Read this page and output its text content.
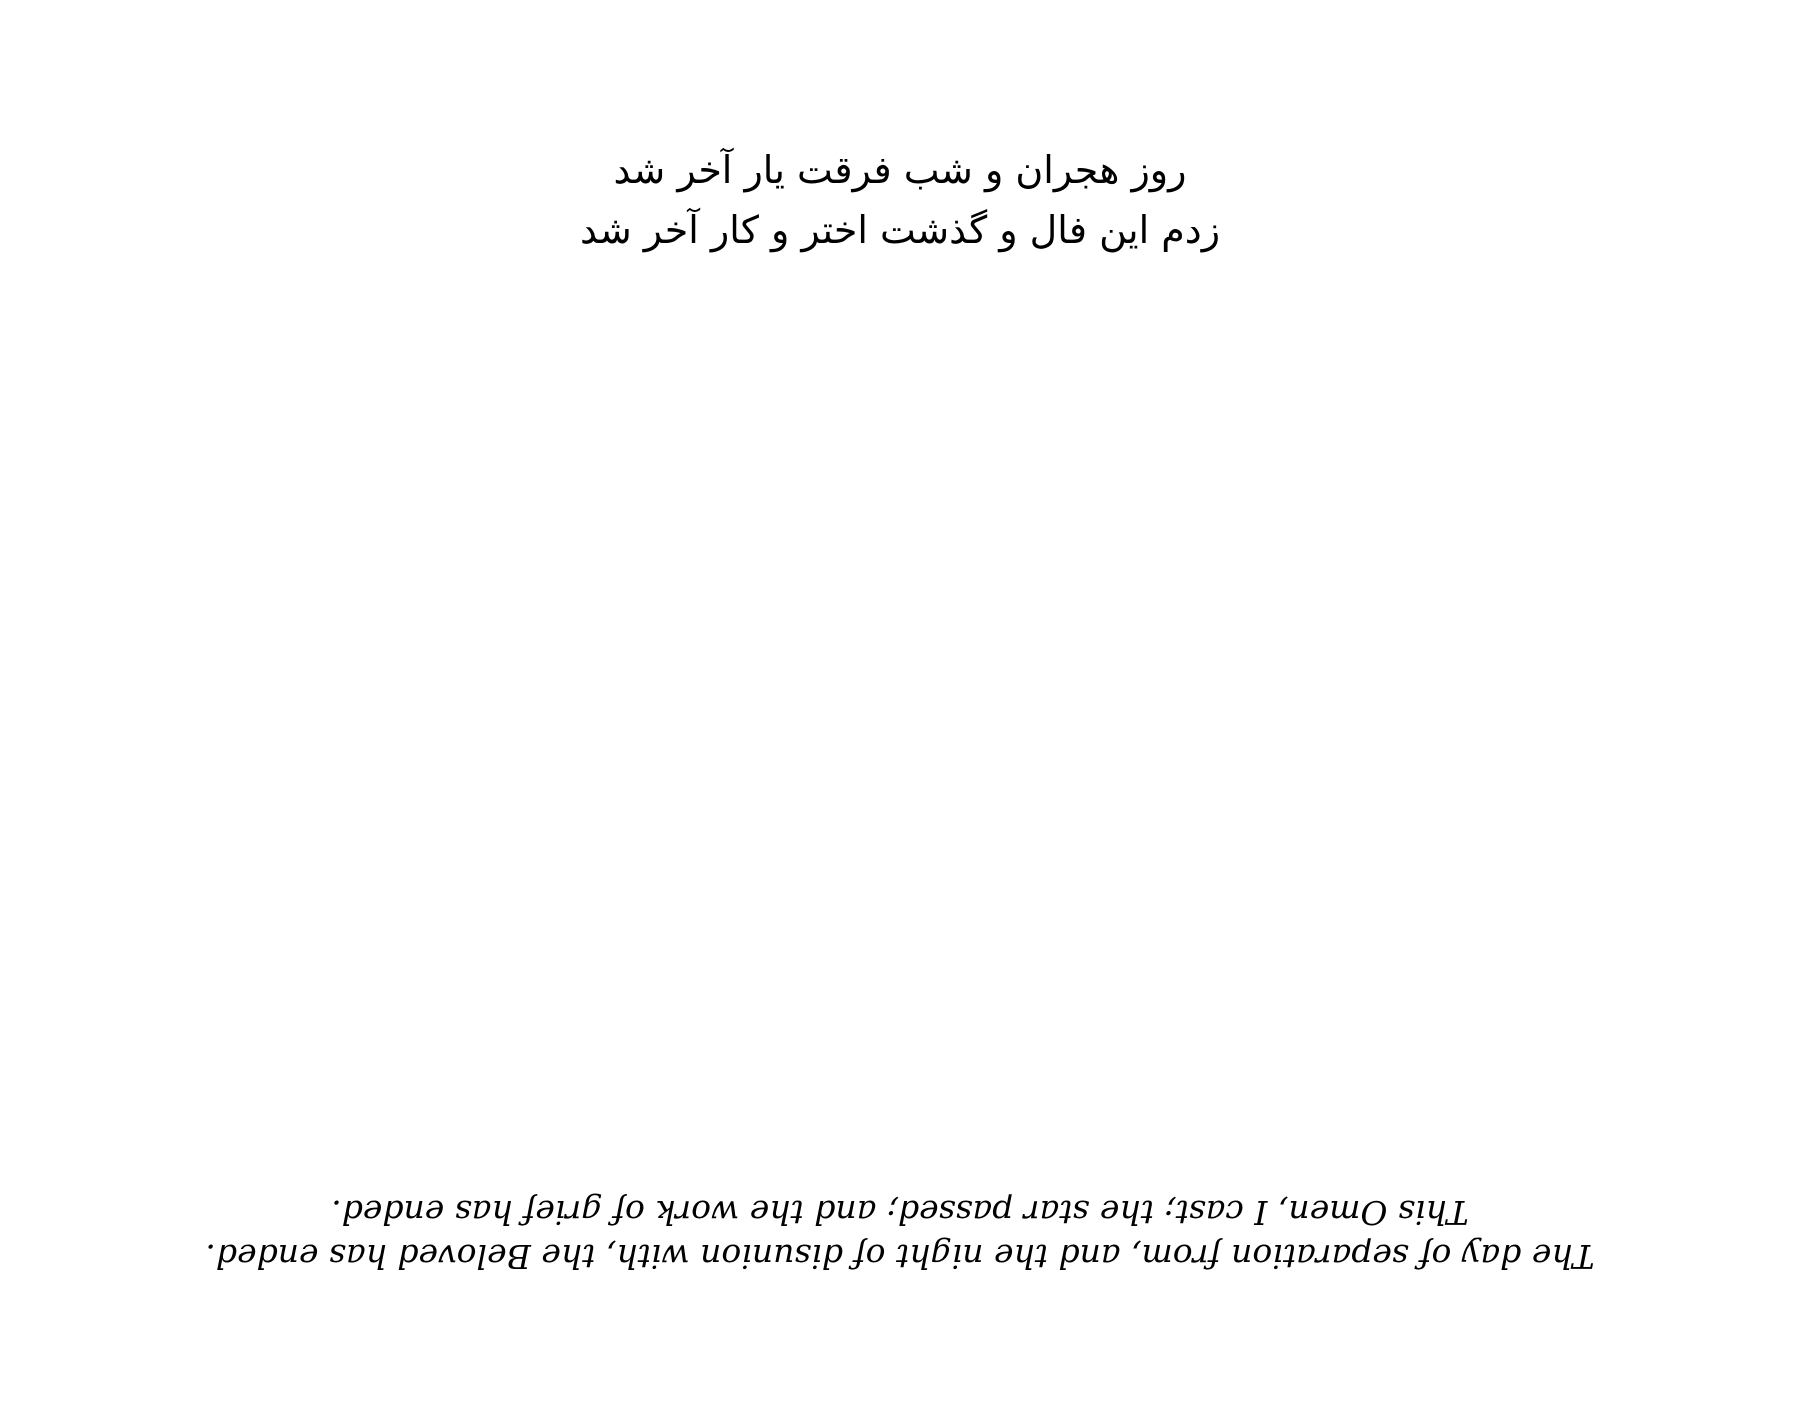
روز هجران و شب فرقت یار آخر شد
زدم این فال و گذشت اختر و کار آخر شد
The day of separation from, and the night of disunion with, the Beloved has ended.
This Omen, I cast; the star passed; and the work of grief has ended.
